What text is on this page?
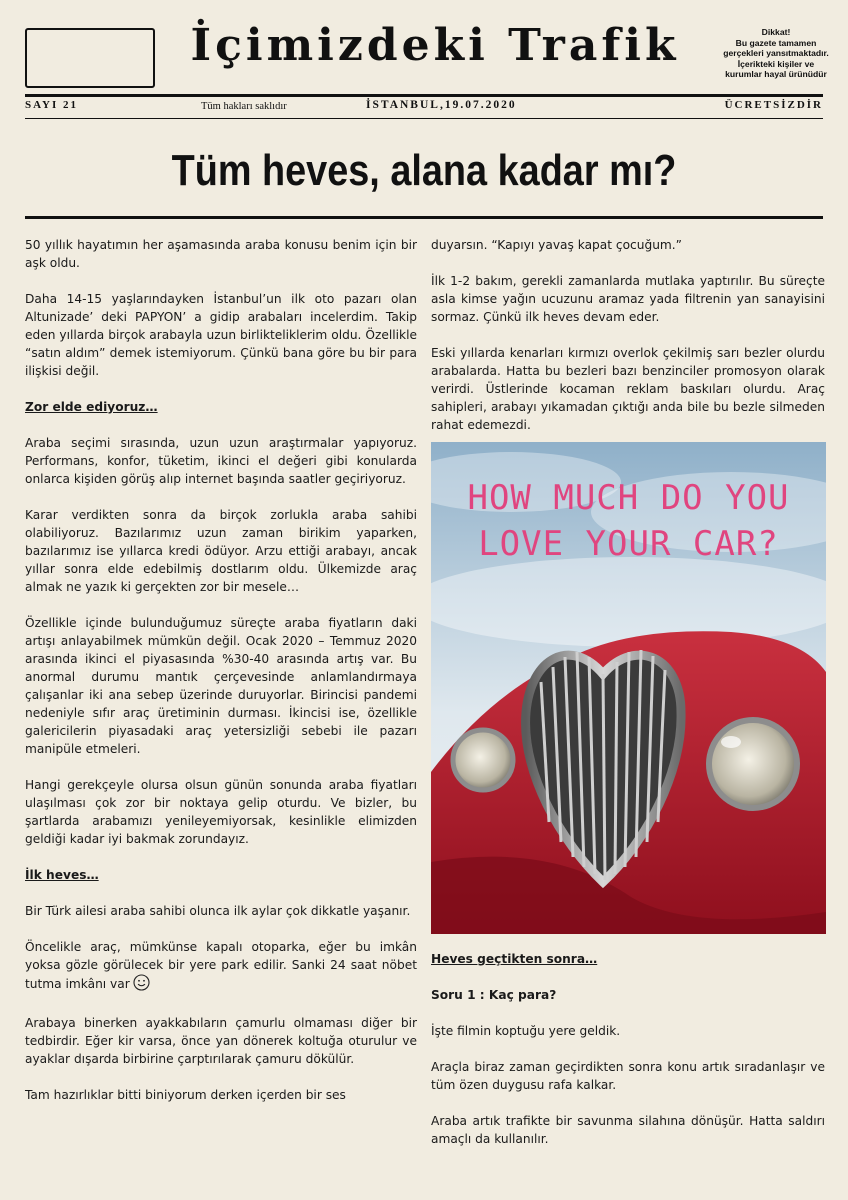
İçimizdeki Trafik	Dikkat!
Bu gazete tamamen
gerçekleri yansıtmaktadır.
İçerikteki kişiler ve
kurumlar hayal ürünüdür
SAYI 21	Tüm hakları saklıdır	İSTANBUL,19.07.2020	ÜCRETSİZDİR
Tüm heves, alana kadar mı?

50 yıllık hayatımın her aşamasında araba konusu benim için bir aşk oldu.

Daha 14-15 yaşlarındayken İstanbul’un ilk oto pazarı olan Altunizade’ deki PAPYON’ a gidip arabaları incelerdim. Takip eden yıllarda birçok arabayla uzun birlikteliklerim oldu. Özellikle “satın aldım” demek istemiyorum. Çünkü bana göre bu bir para ilişkisi değil.

Zor elde ediyoruz…

Araba seçimi sırasında, uzun uzun araştırmalar yapıyoruz. Performans, konfor, tüketim, ikinci el değeri gibi konularda onlarca kişiden görüş alıp internet başında saatler geçiriyoruz.

Karar verdikten sonra da birçok zorlukla araba sahibi olabiliyoruz. Bazılarımız uzun zaman birikim yaparken, bazılarımız ise yıllarca kredi ödüyor. Arzu ettiği arabayı, ancak yıllar sonra elde edebilmiş dostlarım oldu. Ülkemizde araç almak ne yazık ki gerçekten zor bir mesele…

Özellikle içinde bulunduğumuz süreçte araba fiyatların daki artışı anlayabilmek mümkün değil. Ocak 2020 – Temmuz 2020 arasında ikinci el piyasasında %30-40 arasında artış var. Bu anormal durumu mantık çerçevesinde anlamlandırmaya çalışanlar iki ana sebep üzerinde duruyorlar. Birincisi pandemi nedeniyle sıfır araç üretiminin durması. İkincisi ise, özellikle galericilerin piyasadaki araç yetersizliği sebebi ile pazarı manipüle etmeleri.

Hangi gerekçeyle olursa olsun günün sonunda araba fiyatları ulaşılması çok zor bir noktaya gelip oturdu. Ve bizler, bu şartlarda arabamızı yenileyemiyorsak, kesinlikle elimizden geldiği kadar iyi bakmak zorundayız.

İlk heves…

Bir Türk ailesi araba sahibi olunca ilk aylar çok dikkatle yaşanır.

Öncelikle araç, mümkünse kapalı otoparka, eğer bu imkân yoksa gözle görülecek bir yere park edilir. Sanki 24 saat nöbet tutma imkânı var

Arabaya binerken ayakkabıların çamurlu olmaması diğer bir tedbirdir. Eğer kir varsa, önce yan dönerek koltuğa oturulur ve ayaklar dışarda birbirine çarptırılarak çamuru dökülür.

Tam hazırlıklar bitti biniyorum derken içerden bir ses

duyarsın. “Kapıyı yavaş kapat çocuğum.”

İlk 1-2 bakım, gerekli zamanlarda mutlaka yaptırılır. Bu süreçte asla kimse yağın ucuzunu aramaz yada filtrenin yan sanayisini sormaz. Çünkü ilk heves devam eder.

Eski yıllarda kenarları kırmızı overlok çekilmiş sarı bezler olurdu arabalarda. Hatta bu bezleri bazı benzinciler promosyon olarak verirdi. Üstlerinde kocaman reklam baskıları olurdu. Araç sahipleri, arabayı yıkamadan çıktığı anda bile bu bezle silmeden rahat edemezdi.

HOW MUCH DO YOU
LOVE YOUR CAR?
Heves geçtikten sonra…
Soru 1 : Kaç para?

İşte filmin koptuğu yere geldik.

Araçla biraz zaman geçirdikten sonra konu artık sıradanlaşır ve tüm özen duygusu rafa kalkar.

Araba artık trafikte bir savunma silahına dönüşür. Hatta saldırı amaçlı da kullanılır.
